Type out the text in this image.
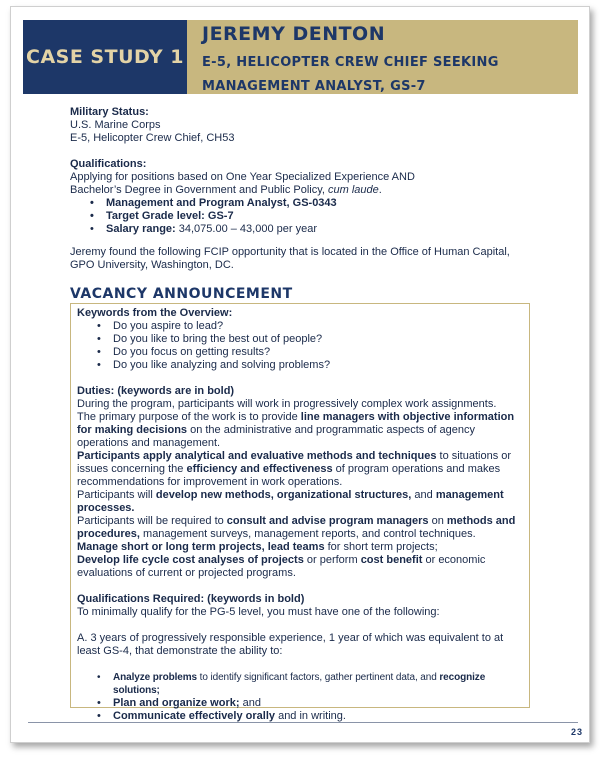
CASE STUDY 1
JEREMY DENTON
E-5, HELICOPTER CREW CHIEF SEEKING MANAGEMENT ANALYST, GS-7
Military Status:
U.S. Marine Corps
E-5, Helicopter Crew Chief, CH53
Qualifications:
Applying for positions based on One Year Specialized Experience AND
Bachelor’s Degree in Government and Public Policy, cum laude.
• Management and Program Analyst, GS-0343
• Target Grade level: GS-7
• Salary range: 34,075.00 – 43,000 per year
Jeremy found the following FCIP opportunity that is located in the Office of Human Capital, GPO University, Washington, DC.
VACANCY ANNOUNCEMENT

Keywords from the Overview:

• Do you aspire to lead?
• Do you like to bring the best out of people?
• Do you focus on getting results?
• Do you like analyzing and solving problems?

Duties: (keywords are in bold)

During the program, participants will work in progressively complex work assignments.

The primary purpose of the work is to provide line managers with objective information for making decisions on the administrative and programmatic aspects of agency operations and management.

Participants apply analytical and evaluative methods and techniques to situations or issues concerning the efficiency and effectiveness of program operations and makes recommendations for improvement in work operations.

Participants will develop new methods, organizational structures, and management processes.

Participants will be required to consult and advise program managers on methods and procedures, management surveys, management reports, and control techniques.

Manage short or long term projects, lead teams for short term projects;

Develop life cycle cost analyses of projects or perform cost benefit or economic evaluations of current or projected programs.

Qualifications Required: (keywords in bold)

To minimally qualify for the PG-5 level, you must have one of the following:

A. 3 years of progressively responsible experience, 1 year of which was equivalent to at least GS-4, that demonstrate the ability to:

• Analyze problems to identify significant factors, gather pertinent data, and recognize solutions;
• Plan and organize work; and
• Communicate effectively orally and in writing.
23
